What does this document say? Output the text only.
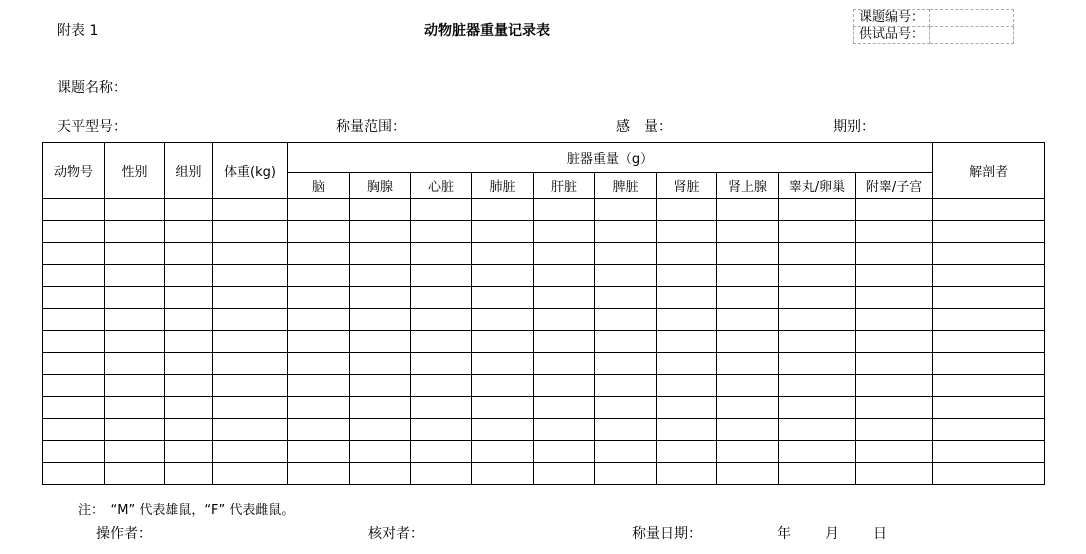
附表 1	动物脏器重量记录表
课题编号：	
供试品号：	
课题名称：
天平型号：	称量范围：	感　量：	期别：
动物号	性别	组别	体重(kg)	脏器重量（g）										解剖者
				脑	胸腺	心脏	肺脏	肝脏	脾脏	肾脏	肾上腺	睾丸/卵巢	附睾/子宫	

注：　“M” 代表雄鼠，“F” 代表雌鼠。
操作者：	核对者：	称量日期：	年 月 日
